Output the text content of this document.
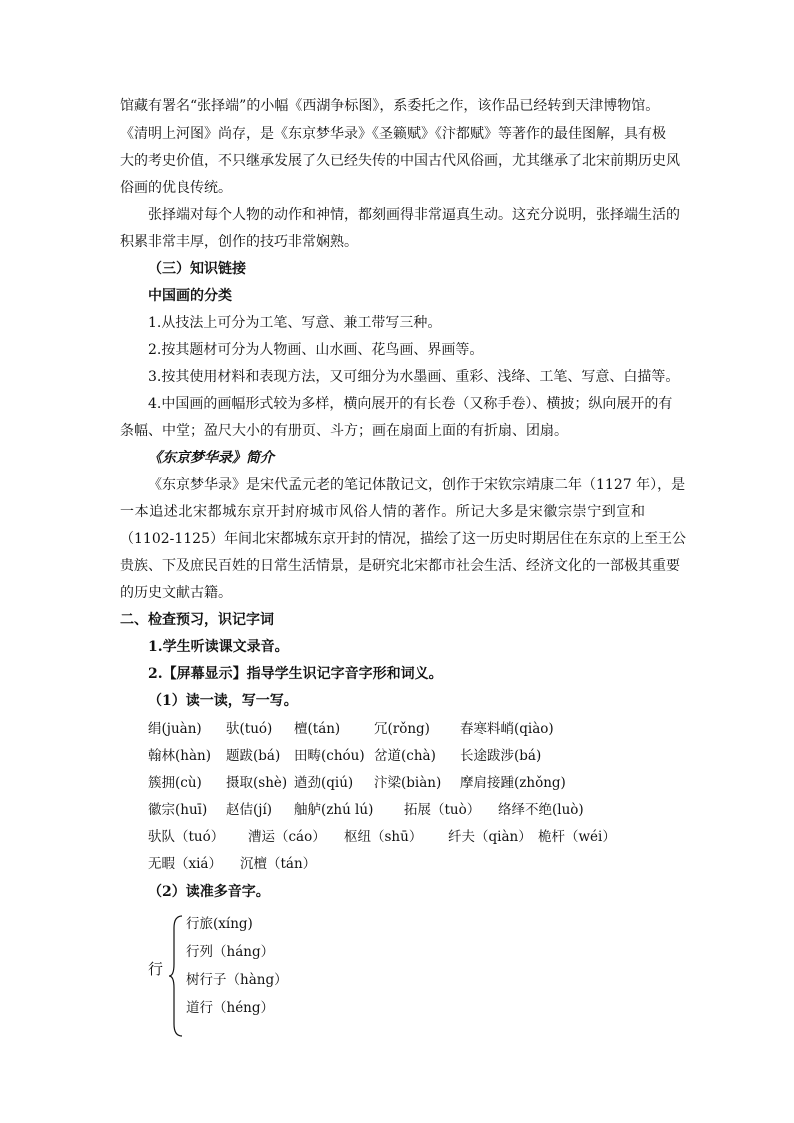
馆藏有署名“张择端”的小幅《西湖争标图》，系委托之作，该作品已经转到天津博物馆。
《清明上河图》尚存，是《东京梦华录》《圣籁赋》《汴都赋》等著作的最佳图解，具有极
大的考史价值，不只继承发展了久已经失传的中国古代风俗画，尤其继承了北宋前期历史风
俗画的优良传统。
张择端对每个人物的动作和神情，都刻画得非常逼真生动。这充分说明，张择端生活的
积累非常丰厚，创作的技巧非常娴熟。
（三）知识链接
中国画的分类
1.从技法上可分为工笔、写意、兼工带写三种。
2.按其题材可分为人物画、山水画、花鸟画、界画等。
3.按其使用材料和表现方法，又可细分为水墨画、重彩、浅绛、工笔、写意、白描等。
4.中国画的画幅形式较为多样，横向展开的有长卷（又称手卷）、横披；纵向展开的有
条幅、中堂；盈尺大小的有册页、斗方；画在扇面上面的有折扇、团扇。
《东京梦华录》简介
《东京梦华录》是宋代孟元老的笔记体散记文，创作于宋钦宗靖康二年（1127 年），是
一本追述北宋都城东京开封府城市风俗人情的著作。所记大多是宋徽宗崇宁到宣和
（1102-1125）年间北宋都城东京开封的情况，描绘了这一历史时期居住在东京的上至王公
贵族、下及庶民百姓的日常生活情景，是研究北宋都市社会生活、经济文化的一部极其重要
的历史文献古籍。
二、检查预习，识记字词
1.学生听读课文录音。
2.【屏幕显示】指导学生识记字音字形和词义。
（1）读一读，写一写。
绢(juàn) 驮(tuó) 檀(tán)	冗(rǒng) 春寒料峭(qiào)
翰林(hàn) 题跋(bá) 田畴(chóu) 岔道(chà) 长途跋涉(bá)
簇拥(cù) 摄取(shè) 遒劲(qiú) 汴梁(biàn) 摩肩接踵(zhǒng)
徽宗(huī) 赵佶(jí) 舳舻(zhú lú) 拓展（tuò） 络绎不绝(luò)
驮队（tuó） 漕运（cáo） 枢纽（shū） 纤夫（qiàn） 桅杆（wéi）
无暇（xiá） 沉檀（tán）
（2）读准多音字。
行
行旅(xíng)
行列（háng）
树行子（hàng）
道行（héng）
